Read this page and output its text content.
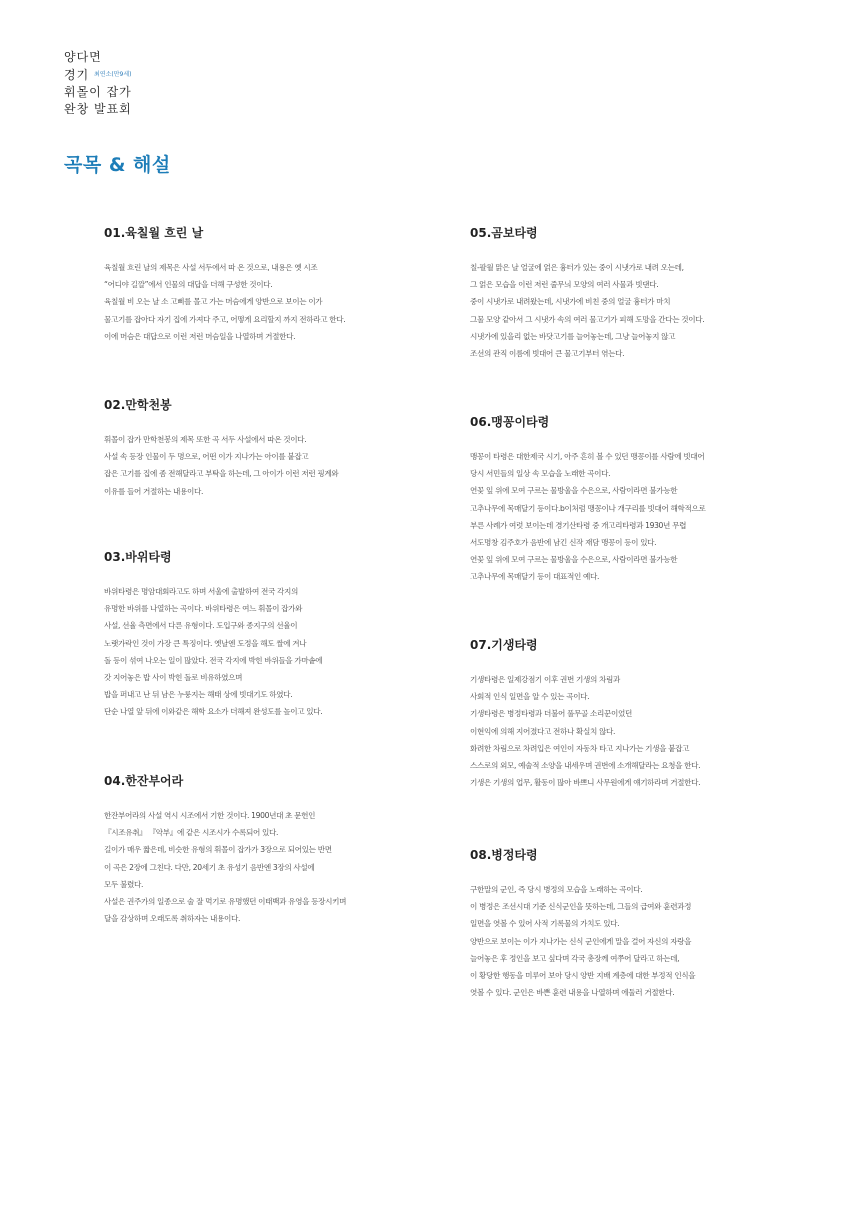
양다면
경기 최연소(만9세)
휘몰이 잡가
완창 발표회
곡목 & 해설
01.육칠월 흐린 날
육칠월 흐린 날의 제목은 사설 서두에서 따 온 것으로, 내용은 옛 시조
“어디야 길깔”에서 인물의 대답을 더해 구성한 것이다.
육칠월 비 오는 날 소 고삐를 몰고 가는 머슴에게 양반으로 보이는 이가
물고기를 잡아다 자기 집에 가져다 주고, 어떻게 요리할지 까지 전하라고 한다.
이에 머슴은 대답으로 이런 저런 머슴일을 나열하며 거절한다.
02.만학천봉
휘몰이 잡가 만학천봉의 제목 또한 곡 서두 사설에서 따온 것이다.
사설 속 등장 인물이 두 명으로, 어떤 이가 지나가는 아이를 붙잡고
잡은 고기를 집에 좀 전해달라고 부탁을 하는데, 그 아이가 이런 저런 핑계와
이유를 들어 거절하는 내용이다.
03.바위타령
바위타령은 명암대회라고도 하며 서울에 출발하여 전국 각지의
유명한 바위를 나열하는 곡이다. 바위타령은 여느 휘몰이 잡가와
사설, 선율 측면에서 다른 유형이다. 도입구와 종지구의 선율이
노랫가락인 것이 가장 큰 특징이다. 옛날엔 도정을 해도 쌀에 겨나
돌 등이 섞여 나오는 일이 많았다. 전국 각지에 박힌 바위들을 가마솥에
갓 지어놓은 밥 사이 박힌 돌로 비유하였으며
밥을 퍼내고 난 뒤 남은 누룽지는 해태 상에 빗대기도 하였다.
단순 나열 앞 뒤에 이와같은 해학 요소가 더해져 완성도를 높이고 있다.
04.한잔부어라
한잔부어라의 사설 역시 시조에서 기한 것이다. 1900년대 초 문헌인
『시조유취』 『악부』에 같은 시조시가 수록되어 있다.
길이가 매우 짧은데, 비슷한 유형의 휘몰이 잡가가 3장으로 되어있는 반면
이 곡은 2장에 그친다. 다만, 20세기 초 유성기 음반엔 3장의 사설에
모두 불렸다.
사설은 권주가의 일종으로 술 잘 먹기로 유명했던 이태백과 유영을 등장시키며
달을 감상하며 오래도록 취하자는 내용이다.
05.곰보타령
칠-팔월 맑은 날 얼굴에 얽은 흉터가 있는 중이 시냇가로 내려 오는데,
그 얽은 모습을 이런 저런 줄무늬 모양의 여러 사물과 빗댄다.
중이 시냇가로 내려왔는데, 시냇가에 비친 중의 얼굴 흉터가 마치
그물 모양 같아서 그 시냇가 속의 여러 물고기가 피해 도망을 간다는 것이다.
시냇가에 있을리 없는 바닷고기를 늘어놓는데, 그냥 늘어놓지 않고
조선의 관직 이름에 빗대어 큰 물고기부터 엮는다.
06.맹꽁이타령
맹꽁이 타령은 대한제국 시기, 아주 흔히 볼 수 있던 맹꽁이를 사람에 빗대어
당시 서민들의 일상 속 모습을 노래한 곡이다.
연꽃 잎 위에 모여 구르는 물방울을 수은으로, 사람이라면 불가능한
고추나무에 목매달기 등이다.b이처럼 맹꽁이나 개구리를 빗대어 해학적으로
부른 사례가 여럿 보이는데 경기산타령 중 개고리타령과 1930년 무렵
서도명창 김주호가 음반에 남긴 신작 재담 맹꽁이 등이 있다.
연꽃 잎 위에 모여 구르는 물방울을 수은으로, 사람이라면 불가능한
고추나무에 목매달기 등이 대표적인 예다.
07.기생타령
기생타령은 일제강점기 이후 권번 기생의 차림과
사회적 인식 일면을 알 수 있는 곡이다.
기생타령은 병정타령과 더불어 풀무골 소리꾼이었던
이현익에 의해 지어졌다고 전하나 확실치 않다.
화려한 차림으로 차려입은 여인이 자동차 타고 지나가는 기생을 붙잡고
스스로의 외모, 예술적 소양을 내세우며 권번에 소개해달라는 요청을 한다.
기생은 기생의 업무, 활동이 많아 바쁘니 사무원에게 얘기하라며 거절한다.
08.병정타령
구한말의 군인, 즉 당시 병정의 모습을 노래하는 곡이다.
이 병정은 조선시대 기준 신식군인을 뜻하는데, 그들의 급여와 훈련과정
일면을 엿볼 수 있어 사적 기록물의 가치도 있다.
양반으로 보이는 이가 지나가는 신식 군인에게 말을 걸어 자신의 자랑을
늘어놓은 후 정인을 보고 싶다며 각국 총장께 여쭈어 달라고 하는데,
이 황당한 행동을 미루어 보아 당시 양반 지배 계층에 대한 부정적 인식을
엿볼 수 있다. 군인은 바쁜 훈련 내용을 나열하며 에둘러 거절한다.
